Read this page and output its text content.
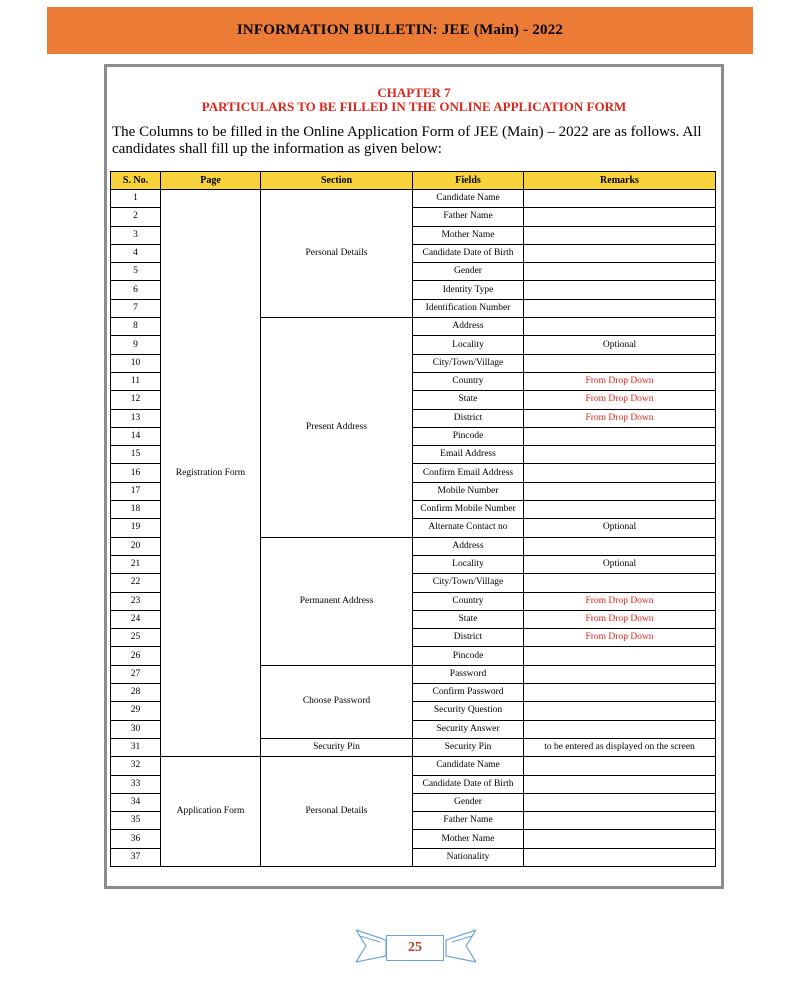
INFORMATION BULLETIN: JEE (Main) - 2022
CHAPTER 7
PARTICULARS TO BE FILLED IN THE ONLINE APPLICATION FORM
The Columns to be filled in the Online Application Form of JEE (Main) – 2022 are as follows. All candidates shall fill up the information as given below:
S. No.	Page	Section	Fields	Remarks
1	Registration Form	Personal Details	Candidate Name	
2			Father Name	
3			Mother Name	
4			Candidate Date of Birth	
5			Gender	
6			Identity Type	
7			Identification Number	
8		Present Address	Address	
9			Locality	Optional
10			City/Town/Village	
11			Country	From Drop Down
12			State	From Drop Down
13			District	From Drop Down
14			Pincode	
15			Email Address	
16			Confirm Email Address	
17			Mobile Number	
18			Confirm Mobile Number	
19			Alternate Contact no	Optional
20		Permanent Address	Address	
21			Locality	Optional
22			City/Town/Village	
23			Country	From Drop Down
24			State	From Drop Down
25			District	From Drop Down
26			Pincode	
27		Choose Password	Password	
28			Confirm Password	
29			Security Question	
30			Security Answer	
31		Security Pin	Security Pin	to be entered as displayed on the screen
32	Application Form	Personal Details	Candidate Name	
33			Candidate Date of Birth	
34			Gender	
35			Father Name	
36			Mother Name	
37			Nationality	
25
